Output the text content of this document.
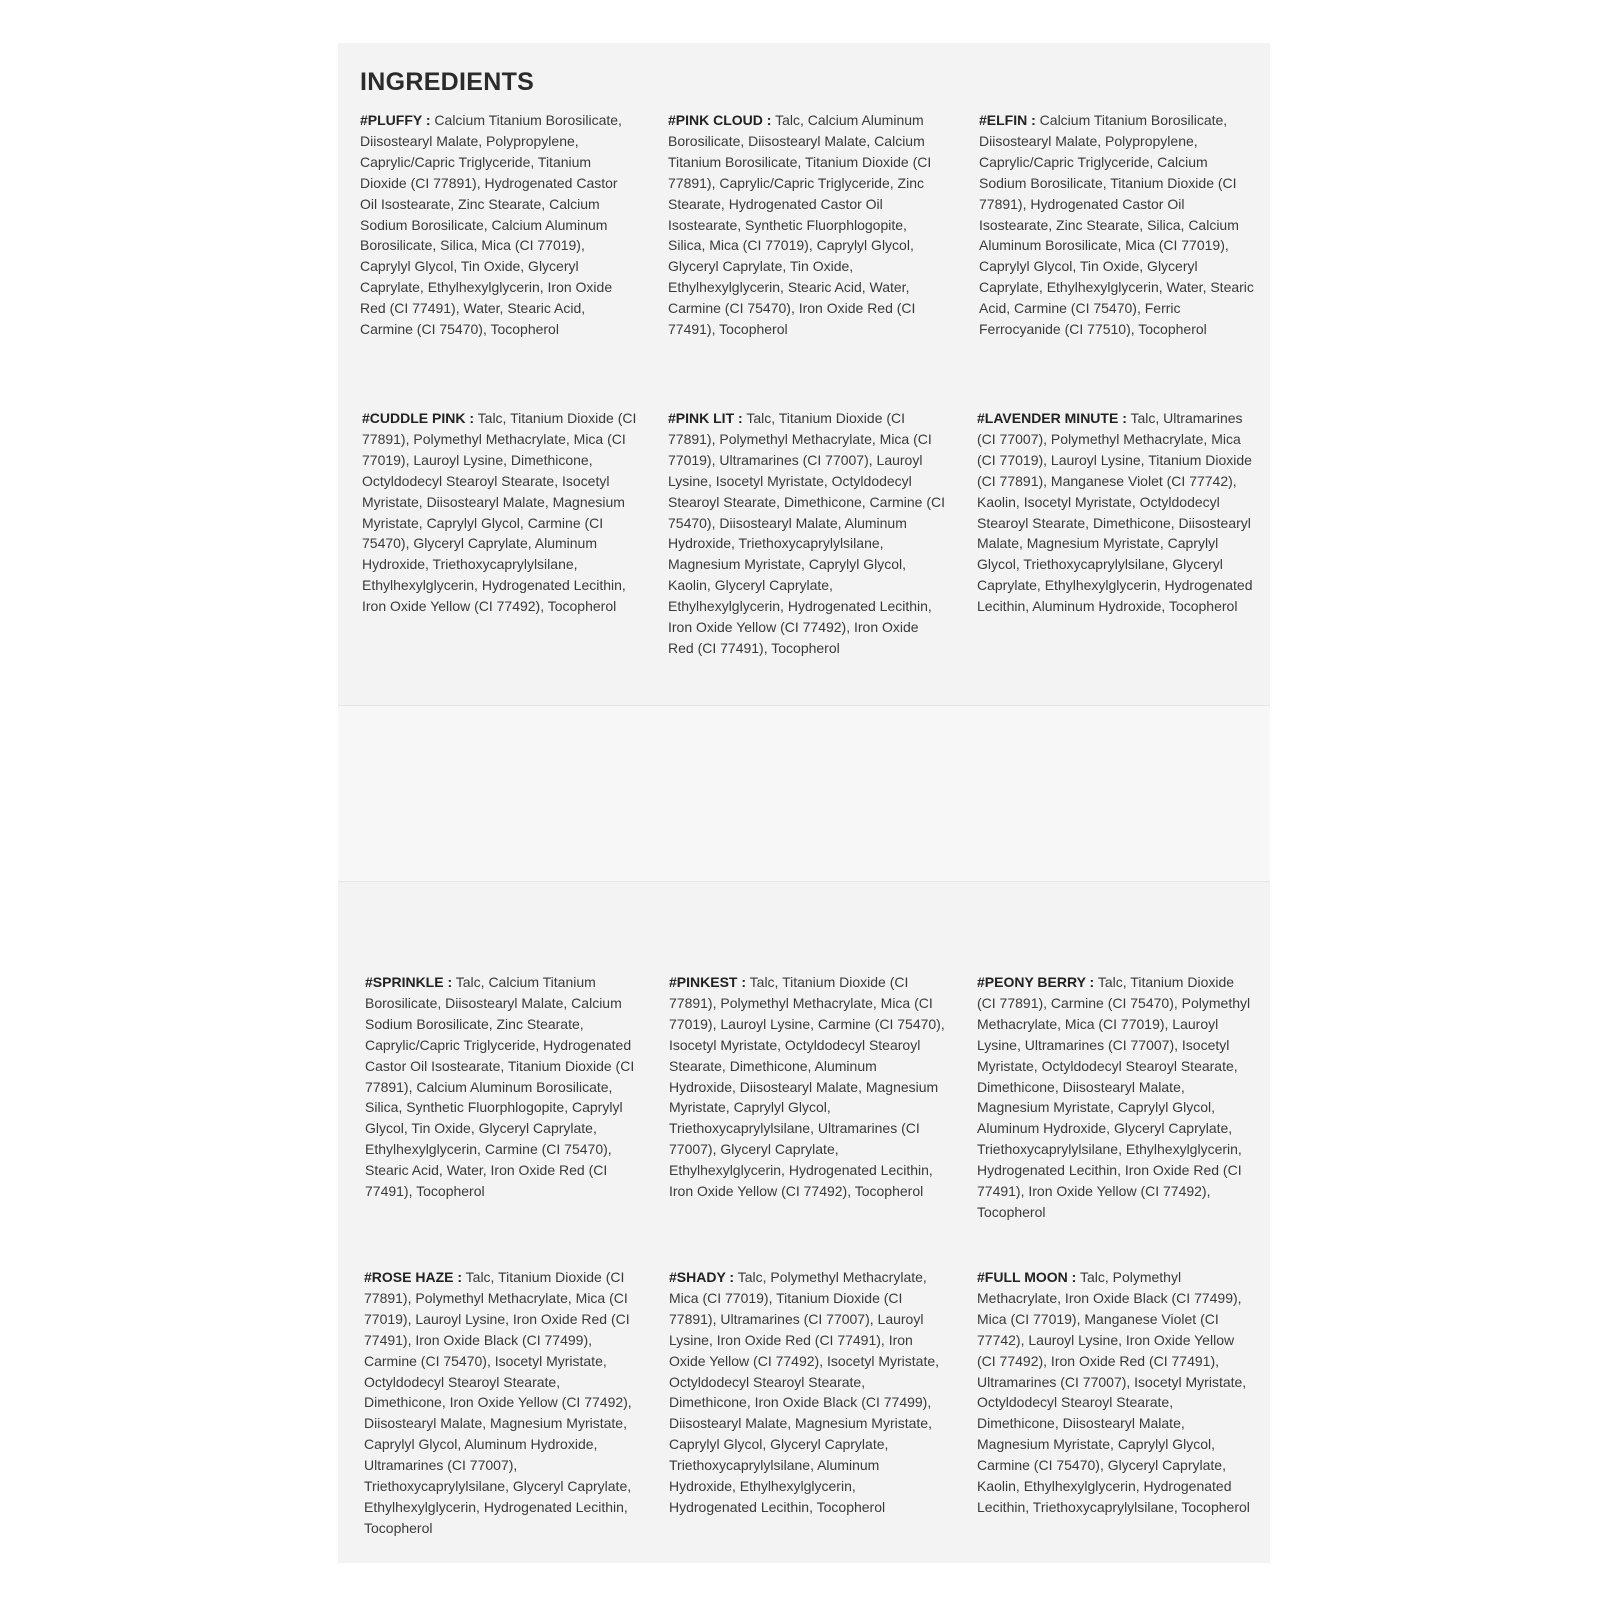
INGREDIENTS
#PLUFFY : Calcium Titanium Borosilicate, Diisostearyl Malate, Polypropylene, Caprylic/Capric Triglyceride, Titanium Dioxide (CI 77891), Hydrogenated Castor Oil Isostearate, Zinc Stearate, Calcium Sodium Borosilicate, Calcium Aluminum Borosilicate, Silica, Mica (CI 77019), Caprylyl Glycol, Tin Oxide, Glyceryl Caprylate, Ethylhexylglycerin, Iron Oxide Red (CI 77491), Water, Stearic Acid, Carmine (CI 75470), Tocopherol
#PINK CLOUD : Talc, Calcium Aluminum Borosilicate, Diisostearyl Malate, Calcium Titanium Borosilicate, Titanium Dioxide (CI 77891), Caprylic/Capric Triglyceride, Zinc Stearate, Hydrogenated Castor Oil Isostearate, Synthetic Fluorphlogopite, Silica, Mica (CI 77019), Caprylyl Glycol, Glyceryl Caprylate, Tin Oxide, Ethylhexylglycerin, Stearic Acid, Water, Carmine (CI 75470), Iron Oxide Red (CI 77491), Tocopherol
#ELFIN : Calcium Titanium Borosilicate, Diisostearyl Malate, Polypropylene, Caprylic/Capric Triglyceride, Calcium Sodium Borosilicate, Titanium Dioxide (CI 77891), Hydrogenated Castor Oil Isostearate, Zinc Stearate, Silica, Calcium Aluminum Borosilicate, Mica (CI 77019), Caprylyl Glycol, Tin Oxide, Glyceryl Caprylate, Ethylhexylglycerin, Water, Stearic Acid, Carmine (CI 75470), Ferric Ferrocyanide (CI 77510), Tocopherol
#CUDDLE PINK : Talc, Titanium Dioxide (CI 77891), Polymethyl Methacrylate, Mica (CI 77019), Lauroyl Lysine, Dimethicone, Octyldodecyl Stearoyl Stearate, Isocetyl Myristate, Diisostearyl Malate, Magnesium Myristate, Caprylyl Glycol, Carmine (CI 75470), Glyceryl Caprylate, Aluminum Hydroxide, Triethoxycaprylylsilane, Ethylhexylglycerin, Hydrogenated Lecithin, Iron Oxide Yellow (CI 77492), Tocopherol
#PINK LIT : Talc, Titanium Dioxide (CI 77891), Polymethyl Methacrylate, Mica (CI 77019), Ultramarines (CI 77007), Lauroyl Lysine, Isocetyl Myristate, Octyldodecyl Stearoyl Stearate, Dimethicone, Carmine (CI 75470), Diisostearyl Malate, Aluminum Hydroxide, Triethoxycaprylylsilane, Magnesium Myristate, Caprylyl Glycol, Kaolin, Glyceryl Caprylate, Ethylhexylglycerin, Hydrogenated Lecithin, Iron Oxide Yellow (CI 77492), Iron Oxide Red (CI 77491), Tocopherol
#LAVENDER MINUTE : Talc, Ultramarines (CI 77007), Polymethyl Methacrylate, Mica (CI 77019), Lauroyl Lysine, Titanium Dioxide (CI 77891), Manganese Violet (CI 77742), Kaolin, Isocetyl Myristate, Octyldodecyl Stearoyl Stearate, Dimethicone, Diisostearyl Malate, Magnesium Myristate, Caprylyl Glycol, Triethoxycaprylylsilane, Glyceryl Caprylate, Ethylhexylglycerin, Hydrogenated Lecithin, Aluminum Hydroxide, Tocopherol
#SPRINKLE : Talc, Calcium Titanium Borosilicate, Diisostearyl Malate, Calcium Sodium Borosilicate, Zinc Stearate, Caprylic/Capric Triglyceride, Hydrogenated Castor Oil Isostearate, Titanium Dioxide (CI 77891), Calcium Aluminum Borosilicate, Silica, Synthetic Fluorphlogopite, Caprylyl Glycol, Tin Oxide, Glyceryl Caprylate, Ethylhexylglycerin, Carmine (CI 75470), Stearic Acid, Water, Iron Oxide Red (CI 77491), Tocopherol
#PINKEST : Talc, Titanium Dioxide (CI 77891), Polymethyl Methacrylate, Mica (CI 77019), Lauroyl Lysine, Carmine (CI 75470), Isocetyl Myristate, Octyldodecyl Stearoyl Stearate, Dimethicone, Aluminum Hydroxide, Diisostearyl Malate, Magnesium Myristate, Caprylyl Glycol, Triethoxycaprylylsilane, Ultramarines (CI 77007), Glyceryl Caprylate, Ethylhexylglycerin, Hydrogenated Lecithin, Iron Oxide Yellow (CI 77492), Tocopherol
#PEONY BERRY : Talc, Titanium Dioxide (CI 77891), Carmine (CI 75470), Polymethyl Methacrylate, Mica (CI 77019), Lauroyl Lysine, Ultramarines (CI 77007), Isocetyl Myristate, Octyldodecyl Stearoyl Stearate, Dimethicone, Diisostearyl Malate, Magnesium Myristate, Caprylyl Glycol, Aluminum Hydroxide, Glyceryl Caprylate, Triethoxycaprylylsilane, Ethylhexylglycerin, Hydrogenated Lecithin, Iron Oxide Red (CI 77491), Iron Oxide Yellow (CI 77492), Tocopherol
#ROSE HAZE : Talc, Titanium Dioxide (CI 77891), Polymethyl Methacrylate, Mica (CI 77019), Lauroyl Lysine, Iron Oxide Red (CI 77491), Iron Oxide Black (CI 77499), Carmine (CI 75470), Isocetyl Myristate, Octyldodecyl Stearoyl Stearate, Dimethicone, Iron Oxide Yellow (CI 77492), Diisostearyl Malate, Magnesium Myristate, Caprylyl Glycol, Aluminum Hydroxide, Ultramarines (CI 77007), Triethoxycaprylylsilane, Glyceryl Caprylate, Ethylhexylglycerin, Hydrogenated Lecithin, Tocopherol
#SHADY : Talc, Polymethyl Methacrylate, Mica (CI 77019), Titanium Dioxide (CI 77891), Ultramarines (CI 77007), Lauroyl Lysine, Iron Oxide Red (CI 77491), Iron Oxide Yellow (CI 77492), Isocetyl Myristate, Octyldodecyl Stearoyl Stearate, Dimethicone, Iron Oxide Black (CI 77499), Diisostearyl Malate, Magnesium Myristate, Caprylyl Glycol, Glyceryl Caprylate, Triethoxycaprylylsilane, Aluminum Hydroxide, Ethylhexylglycerin, Hydrogenated Lecithin, Tocopherol
#FULL MOON : Talc, Polymethyl Methacrylate, Iron Oxide Black (CI 77499), Mica (CI 77019), Manganese Violet (CI 77742), Lauroyl Lysine, Iron Oxide Yellow (CI 77492), Iron Oxide Red (CI 77491), Ultramarines (CI 77007), Isocetyl Myristate, Octyldodecyl Stearoyl Stearate, Dimethicone, Diisostearyl Malate, Magnesium Myristate, Caprylyl Glycol, Carmine (CI 75470), Glyceryl Caprylate, Kaolin, Ethylhexylglycerin, Hydrogenated Lecithin, Triethoxycaprylylsilane, Tocopherol
